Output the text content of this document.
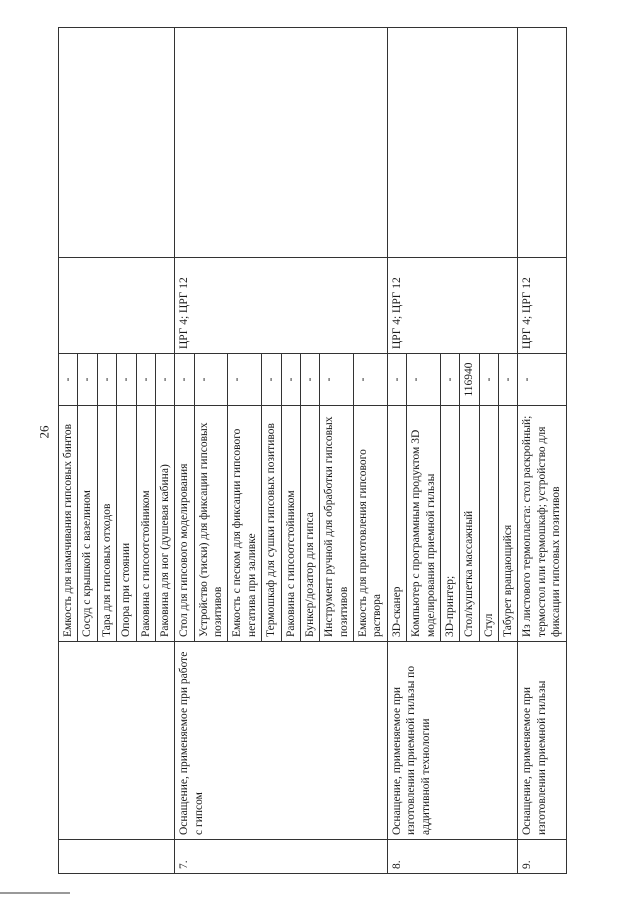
26
		Емкость для намачивания гипсовых бинтов	-		
		Сосуд с крышкой с вазелином	-		
		Тара для гипсовых отходов	-		
		Опора при стоянии	-		
		Раковина с гипсоотстойником	-		
		Раковина для ног (душевая кабина)	-		
7.	Оснащение, применяемое при работе с гипсом	Стол для гипсового моделирования	-	ЦРГ 4; ЦРГ 12	
		Устройство (тиски) для фиксации гипсовых позитивов	-		
		Емкость с песком для фиксации гипсового негатива при заливке	-		
		Термошкаф для сушки гипсовых позитивов	-		
		Раковина с гипсоотстойником	-		
		Бункер/дозатор для гипса	-		
		Инструмент ручной для обработки гипсовых позитивов	-		
		Емкость для приготовления гипсового раствора	-		
8.	Оснащение, применяемое при изготовлении приемной гильзы по аддитивной технологии	3D-сканер	-	ЦРГ 4; ЦРГ 12	
		Компьютер с программным продуктом 3D моделирования приемной гильзы	-		
		3D-принтер;	-		
		Стол/кушетка массажный	116940		
		Стул	-		
		Табурет вращающийся	-		
9.	Оснащение, применяемое при изготовлении приемной гильзы	Из листового термопласта: стол раскройный; термостол или термошкаф; устройство для фиксации гипсовых позитивов	-	ЦРГ 4; ЦРГ 12	
